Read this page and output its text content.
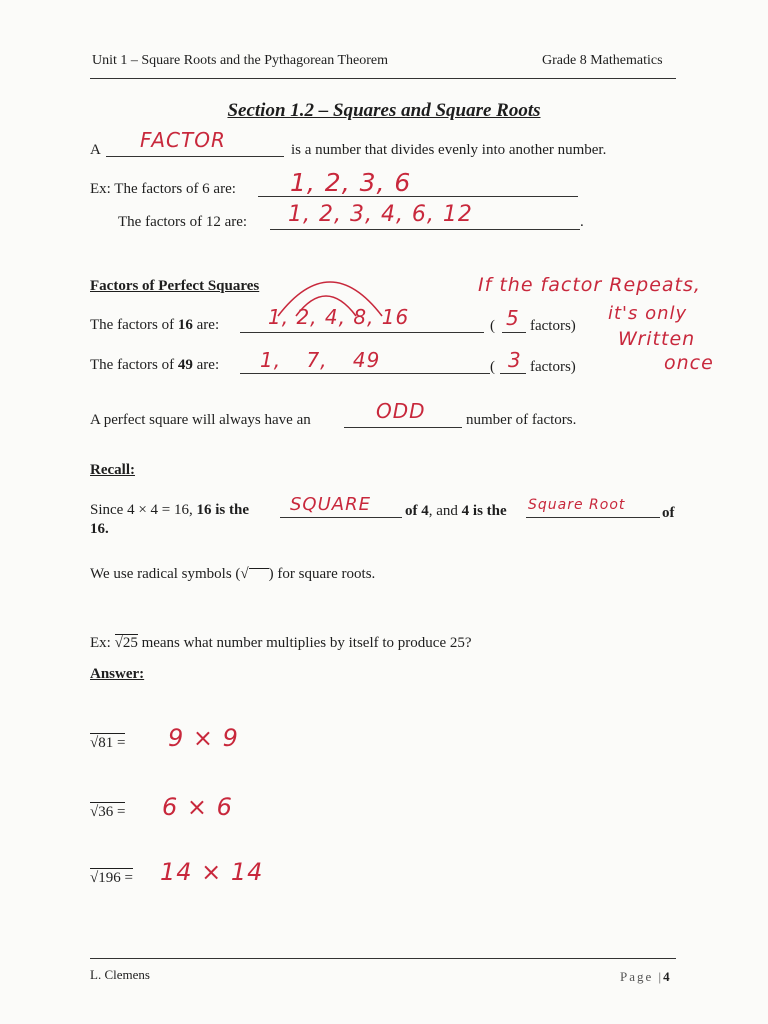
Unit 1 – Square Roots and the Pythagorean Theorem	Grade 8 Mathematics
Section 1.2 – Squares and Square Roots
A FACTOR	is a number that divides evenly into another number.
Ex: The factors of 6 are: 1, 2, 3, 6
The factors of 12 are: 1, 2, 3, 4, 6, 12	.
Factors of Perfect Squares
The factors of 16 are: 1, 2, 4, 8, 16	( 5 factors)
The factors of 49 are: 1, 7, 49	( 3 factors)
If the factor Repeats,
it's only
Written
once
A perfect square will always have an	ODD	number of factors.
Recall:
Since 4 × 4 = 16, 16 is the SQUARE of 4, and 4 is the Square Root of
16.
We use radical symbols (√ ) for square roots.
Ex: √25 means what number multiplies by itself to produce 25?
Answer:
√81 = 9 × 9
√36 = 6 × 6
√196 = 14 × 14
L. Clemens	Page |4
